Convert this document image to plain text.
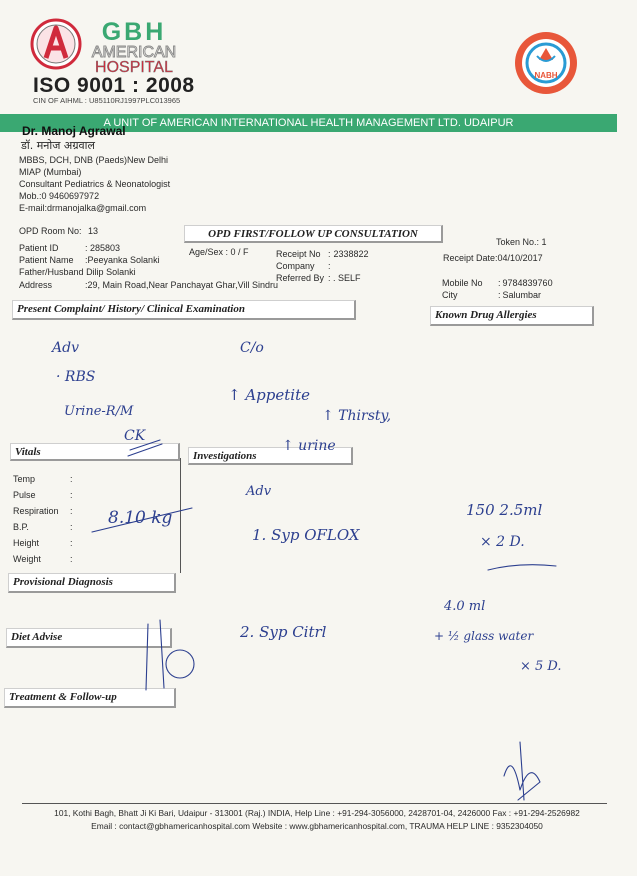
GBH
AMERICAN
HOSPITAL
ISO 9001 : 2008
CIN OF AIHML : U85110RJ1997PLC013965
NABH
A UNIT OF AMERICAN INTERNATIONAL HEALTH MANAGEMENT LTD. UDAIPUR
Dr. Manoj Agrawal
डॉ. मनोज अग्रवाल
MBBS, DCH, DNB (Paeds)New Delhi
MIAP (Mumbai)
Consultant Pediatrics & Neonatologist
Mob.:0 9460697972
E-mail:drmanojalka@gmail.com
OPD Room No: 13	OPD FIRST/FOLLOW UP CONSULTATION
Token No.: 1
Patient ID	: 285803
Patient Name :Peeyanka Solanki
Father/Husband Dilip Solanki
Address	:29, Main Road,Near Panchayat Ghar,Vill Sindru
Age/Sex : 0 / F	Receipt No : 2338822
Company :
Referred By : . SELF
Receipt Date:04/10/2017
Mobile No : 9784839760
City	: Salumbar
Present Complaint/ History/ Clinical Examination	Known Drug Allergies
Vitals	Investigations
Provisional Diagnosis
Diet Advise
Treatment & Follow-up
Temp	:
Pulse	:
Respiration :
B.P.	:
Height	:
Weight	:
Adv
· RBS
Urine-R/M
C/o
↑ Appetite
↑ Thirsty,
↑ urine
CK
8.10 kg
Adv
1. Syp OFLOX
150 2.5ml
× 2 D.
2. Syp Citrl
4.0 ml
+ ½ glass water
× 5 D.
101, Kothi Bagh, Bhatt Ji Ki Bari, Udaipur - 313001 (Raj.) INDIA, Help Line : +91-294-3056000, 2428701-04, 2426000 Fax : +91-294-2526982
Email : contact@gbhamericanhospital.com Website : www.gbhamericanhospital.com, TRAUMA HELP LINE : 9352304050
